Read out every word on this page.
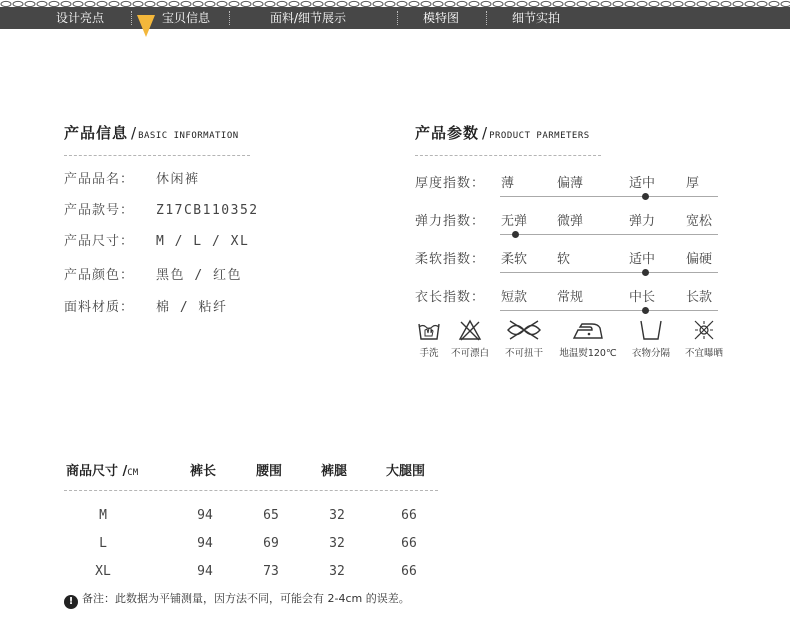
设计亮点	宝贝信息	面料/细节展示	模特图	细节实拍
产品信息 / BASIC INFORMATION
产品品名： 休闲裤
产品款号： Z17CB110352
产品尺寸： M / L / XL
产品颜色： 黑色 / 红色
面料材质： 棉 / 粘纤
产品参数 / PRODUCT PARMETERS
厚度指数： 薄	偏薄	适中 厚
弹力指数： 无弹 微弹	弹力 宽松
柔软指数： 柔软 软	适中 偏硬
衣长指数： 短款 常规	中长 长款
手洗	不可漂白	不可扭干	地温熨120℃	衣物分隔	不宜曝晒
商品尺寸 /CM	裤长	腰围	裤腿	大腿围
M	94	65	32	66
L	94	69	32	66
XL	94	73	32	66
! 备注：此数据为平铺测量，因方法不同，可能会有 2-4cm 的误差。
